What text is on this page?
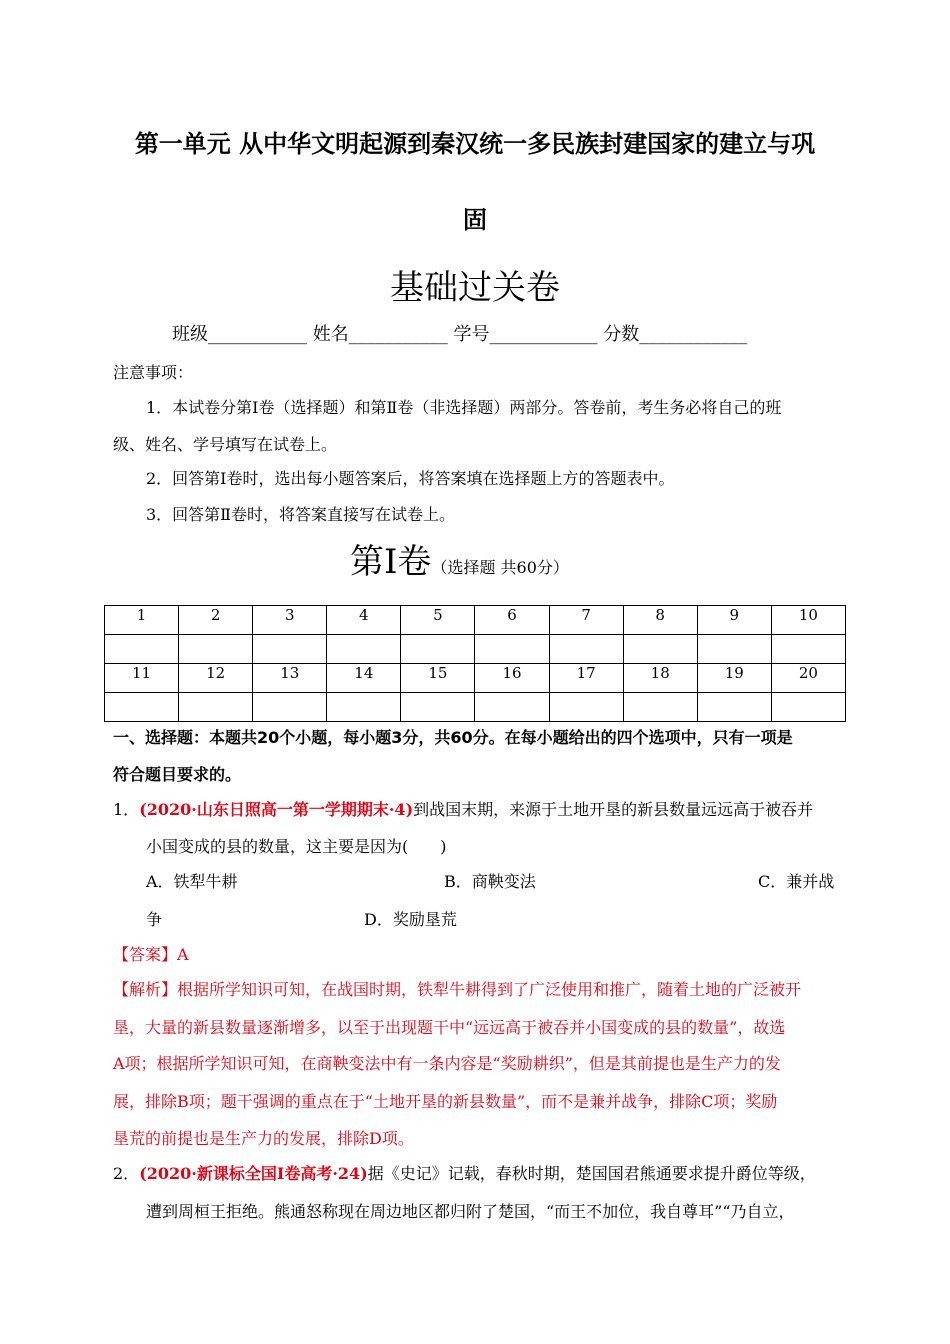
第一单元 从中华文明起源到秦汉统一多民族封建国家的建立与巩
固
基础过关卷
班级___________ 姓名___________ 学号____________ 分数____________
注意事项：
1．本试卷分第Ⅰ卷（选择题）和第Ⅱ卷（非选择题）两部分。答卷前，考生务必将自己的班
级、姓名、学号填写在试卷上。
2．回答第Ⅰ卷时，选出每小题答案后，将答案填在选择题上方的答题表中。
3．回答第Ⅱ卷时，将答案直接写在试卷上。
第Ⅰ卷（选择题 共60分）
1	2	3	4	5	6	7	8	9	10

11	12	13	14	15	16	17	18	19	20

一、选择题：本题共20个小题，每小题3分，共60分。在每小题给出的四个选项中，只有一项是
符合题目要求的。
1．(2020·山东日照高一第一学期期末·4)到战国末期，来源于土地开垦的新县数量远远高于被吞并
小国变成的县的数量，这主要是因为(　　)
A．铁犁牛耕	B．商鞅变法	C．兼并战
争	D．奖励垦荒
【答案】A
【解析】根据所学知识可知，在战国时期，铁犁牛耕得到了广泛使用和推广，随着土地的广泛被开
垦，大量的新县数量逐渐增多，以至于出现题干中“远远高于被吞并小国变成的县的数量”，故选
A项；根据所学知识可知，在商鞅变法中有一条内容是“奖励耕织”，但是其前提也是生产力的发
展，排除B项；题干强调的重点在于“土地开垦的新县数量”，而不是兼并战争，排除C项；奖励
垦荒的前提也是生产力的发展，排除D项。
2．(2020·新课标全国Ⅰ卷高考·24)据《史记》记载，春秋时期，楚国国君熊通要求提升爵位等级，
遭到周桓王拒绝。熊通怒称现在周边地区都归附了楚国，“而王不加位，我自尊耳”“乃自立，
